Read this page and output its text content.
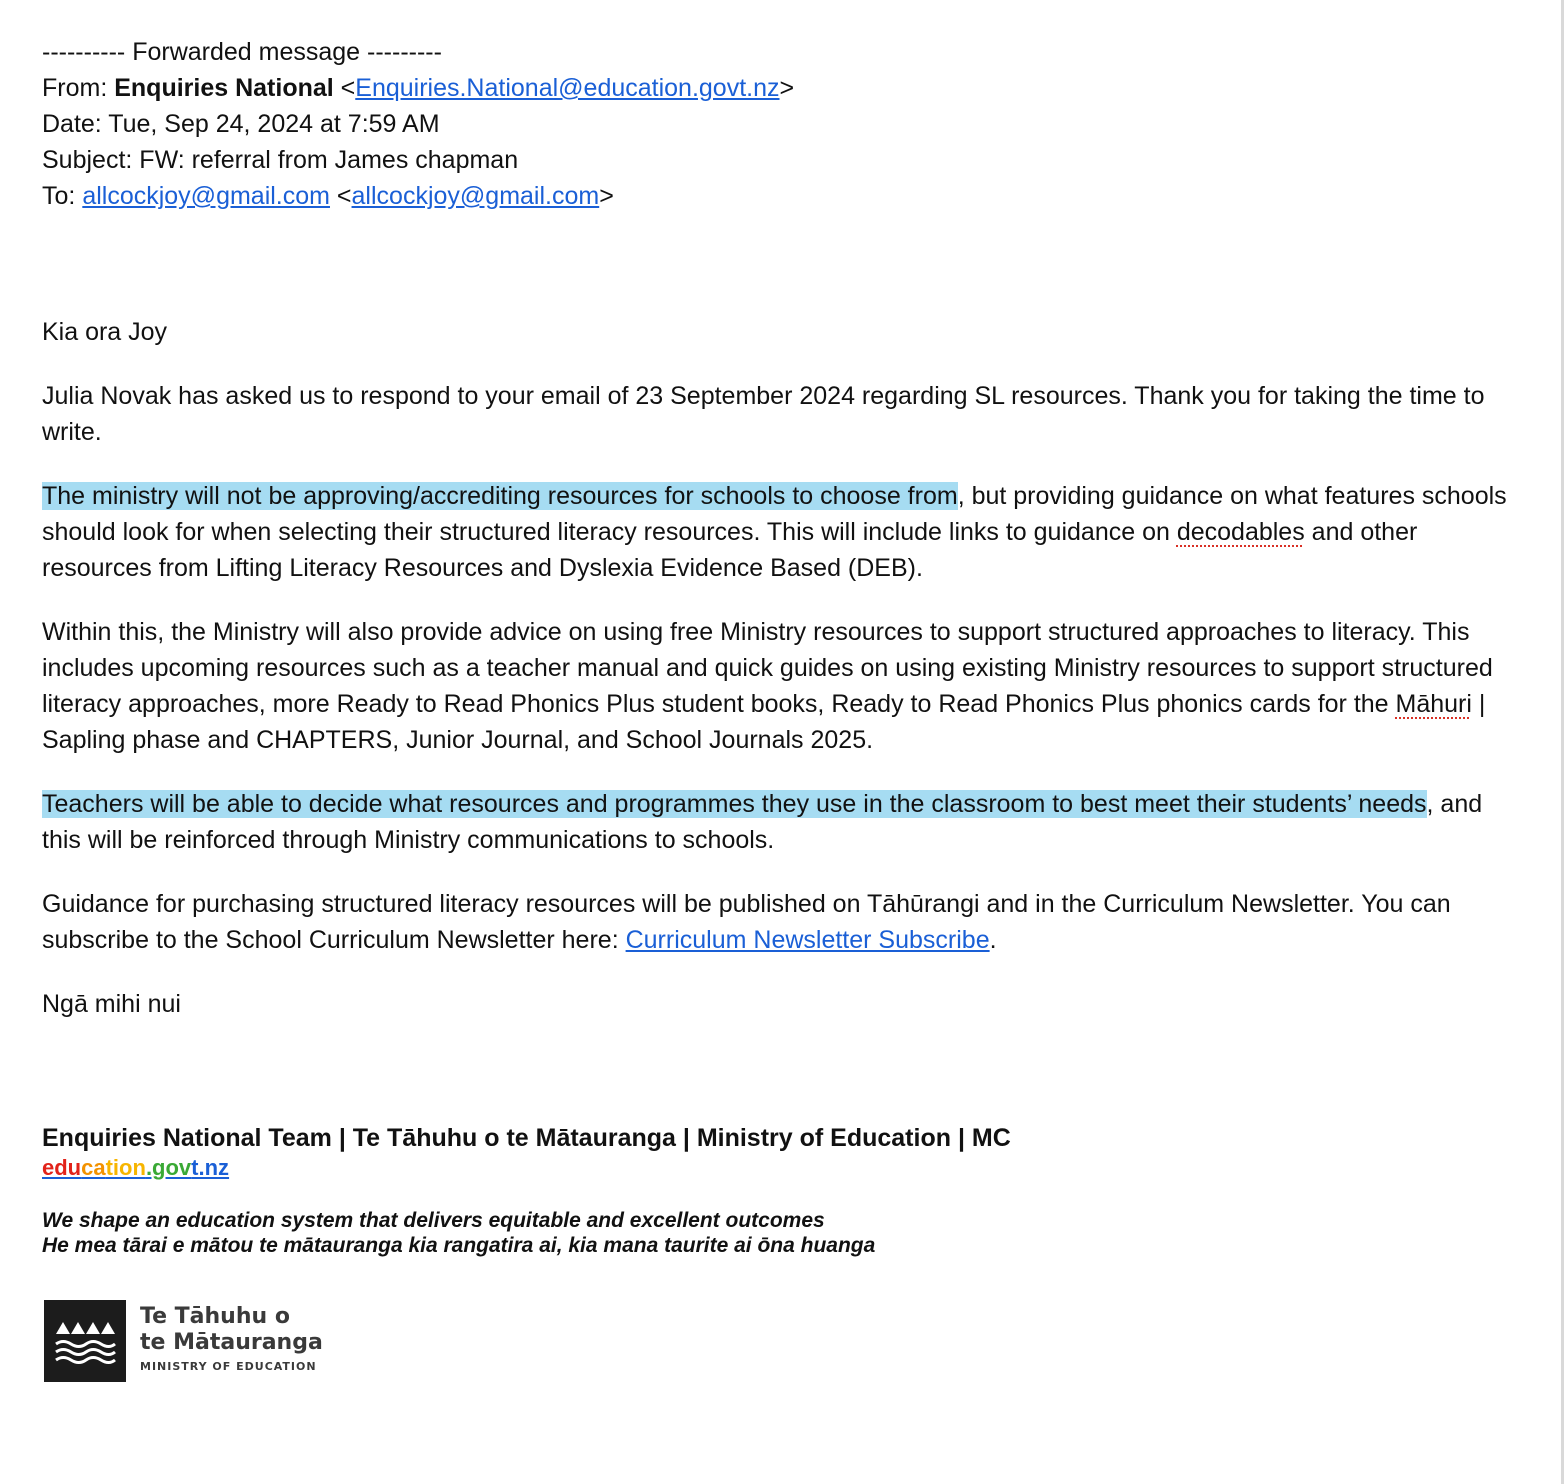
---------- Forwarded message ---------
From: Enquiries National <Enquiries.National@education.govt.nz>
Date: Tue, Sep 24, 2024 at 7:59 AM
Subject: FW: referral from James chapman
To: allcockjoy@gmail.com <allcockjoy@gmail.com>

Kia ora Joy

Julia Novak has asked us to respond to your email of 23 September 2024 regarding SL resources. Thank you for taking the time to write.

The ministry will not be approving/accrediting resources for schools to choose from, but providing guidance on what features schools should look for when selecting their structured literacy resources. This will include links to guidance on decodables and other resources from Lifting Literacy Resources and Dyslexia Evidence Based (DEB).

Within this, the Ministry will also provide advice on using free Ministry resources to support structured approaches to literacy. This includes upcoming resources such as a teacher manual and quick guides on using existing Ministry resources to support structured literacy approaches, more Ready to Read Phonics Plus student books, Ready to Read Phonics Plus phonics cards for the Māhuri | Sapling phase and CHAPTERS, Junior Journal, and School Journals 2025.

Teachers will be able to decide what resources and programmes they use in the classroom to best meet their students’ needs, and this will be reinforced through Ministry communications to schools.

Guidance for purchasing structured literacy resources will be published on Tāhūrangi and in the Curriculum Newsletter. You can subscribe to the School Curriculum Newsletter here: Curriculum Newsletter Subscribe.

Ngā mihi nui

Enquiries National Team | Te Tāhuhu o te Mātauranga | Ministry of Education | MC
education.govt.nz
We shape an education system that delivers equitable and excellent outcomes
He mea tārai e mātou te mātauranga kia rangatira ai, kia mana taurite ai ōna huanga
Te Tāhuhu o
te Mātauranga
MINISTRY OF EDUCATION
